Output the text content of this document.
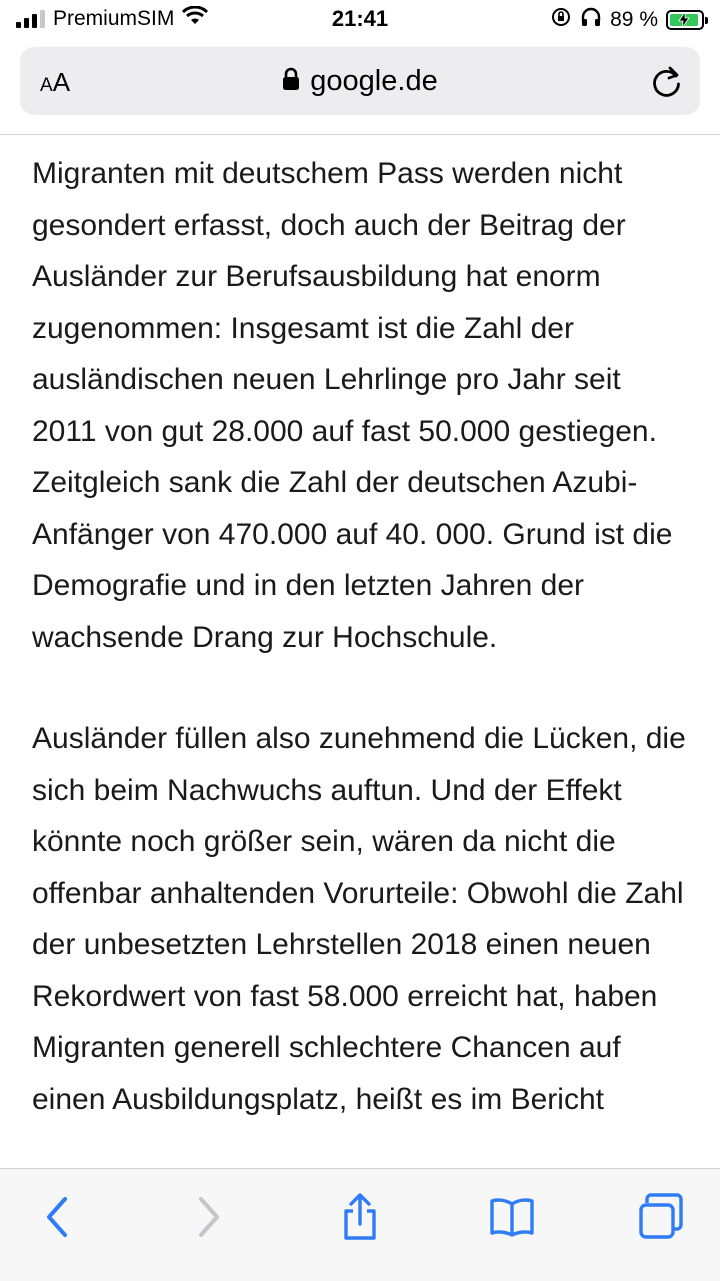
PremiumSIM	21:41	89 %
AA	google.de

Migranten mit deutschem Pass werden nicht gesondert erfasst, doch auch der Beitrag der Ausländer zur Berufsausbildung hat enorm zugenommen: Insgesamt ist die Zahl der ausländischen neuen Lehrlinge pro Jahr seit 2011 von gut 28.000 auf fast 50.000 gestiegen. Zeitgleich sank die Zahl der deutschen Azubi-Anfänger von 470.000 auf 40. 000. Grund ist die Demografie und in den letzten Jahren der wachsende Drang zur Hochschule.

Ausländer füllen also zunehmend die Lücken, die sich beim Nachwuchs auftun. Und der Effekt könnte noch größer sein, wären da nicht die offenbar anhaltenden Vorurteile: Obwohl die Zahl der unbesetzten Lehrstellen 2018 einen neuen Rekordwert von fast 58.000 erreicht hat, haben Migranten generell schlechtere Chancen auf einen Ausbildungsplatz, heißt es im Bericht
